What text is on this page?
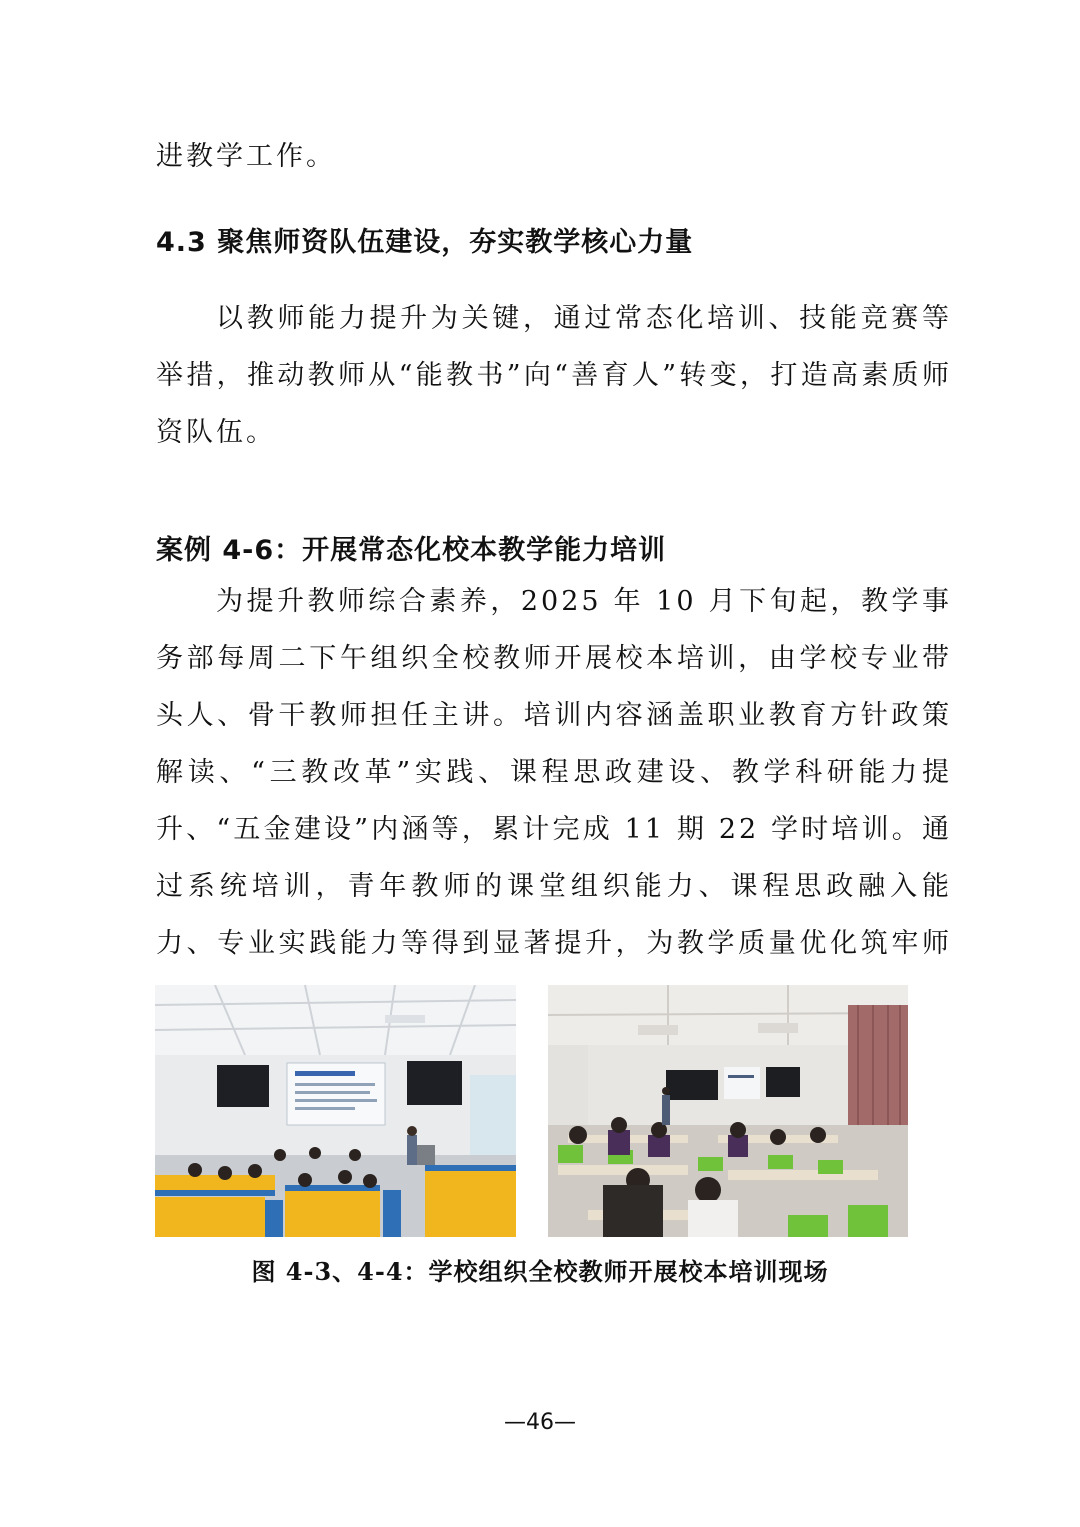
进教学工作。

4.3 聚焦师资队伍建设，夯实教学核心力量

以教师能力提升为关键，通过常态化培训、技能竞赛等举措，推动教师从“能教书”向“善育人”转变，打造高素质师资队伍。

案例 4-6：开展常态化校本教学能力培训

为提升教师综合素养，2025 年 10 月下旬起，教学事务部每周二下午组织全校教师开展校本培训，由学校专业带头人、骨干教师担任主讲。培训内容涵盖职业教育方针政策解读、“三教改革”实践、课程思政建设、教学科研能力提升、“五金建设”内涵等，累计完成 11 期 22 学时培训。通过系统培训，青年教师的课堂组织能力、课程思政融入能力、专业实践能力等得到显著提升，为教学质量优化筑牢师

图 4-3、4-4：学校组织全校教师开展校本培训现场

—46—
